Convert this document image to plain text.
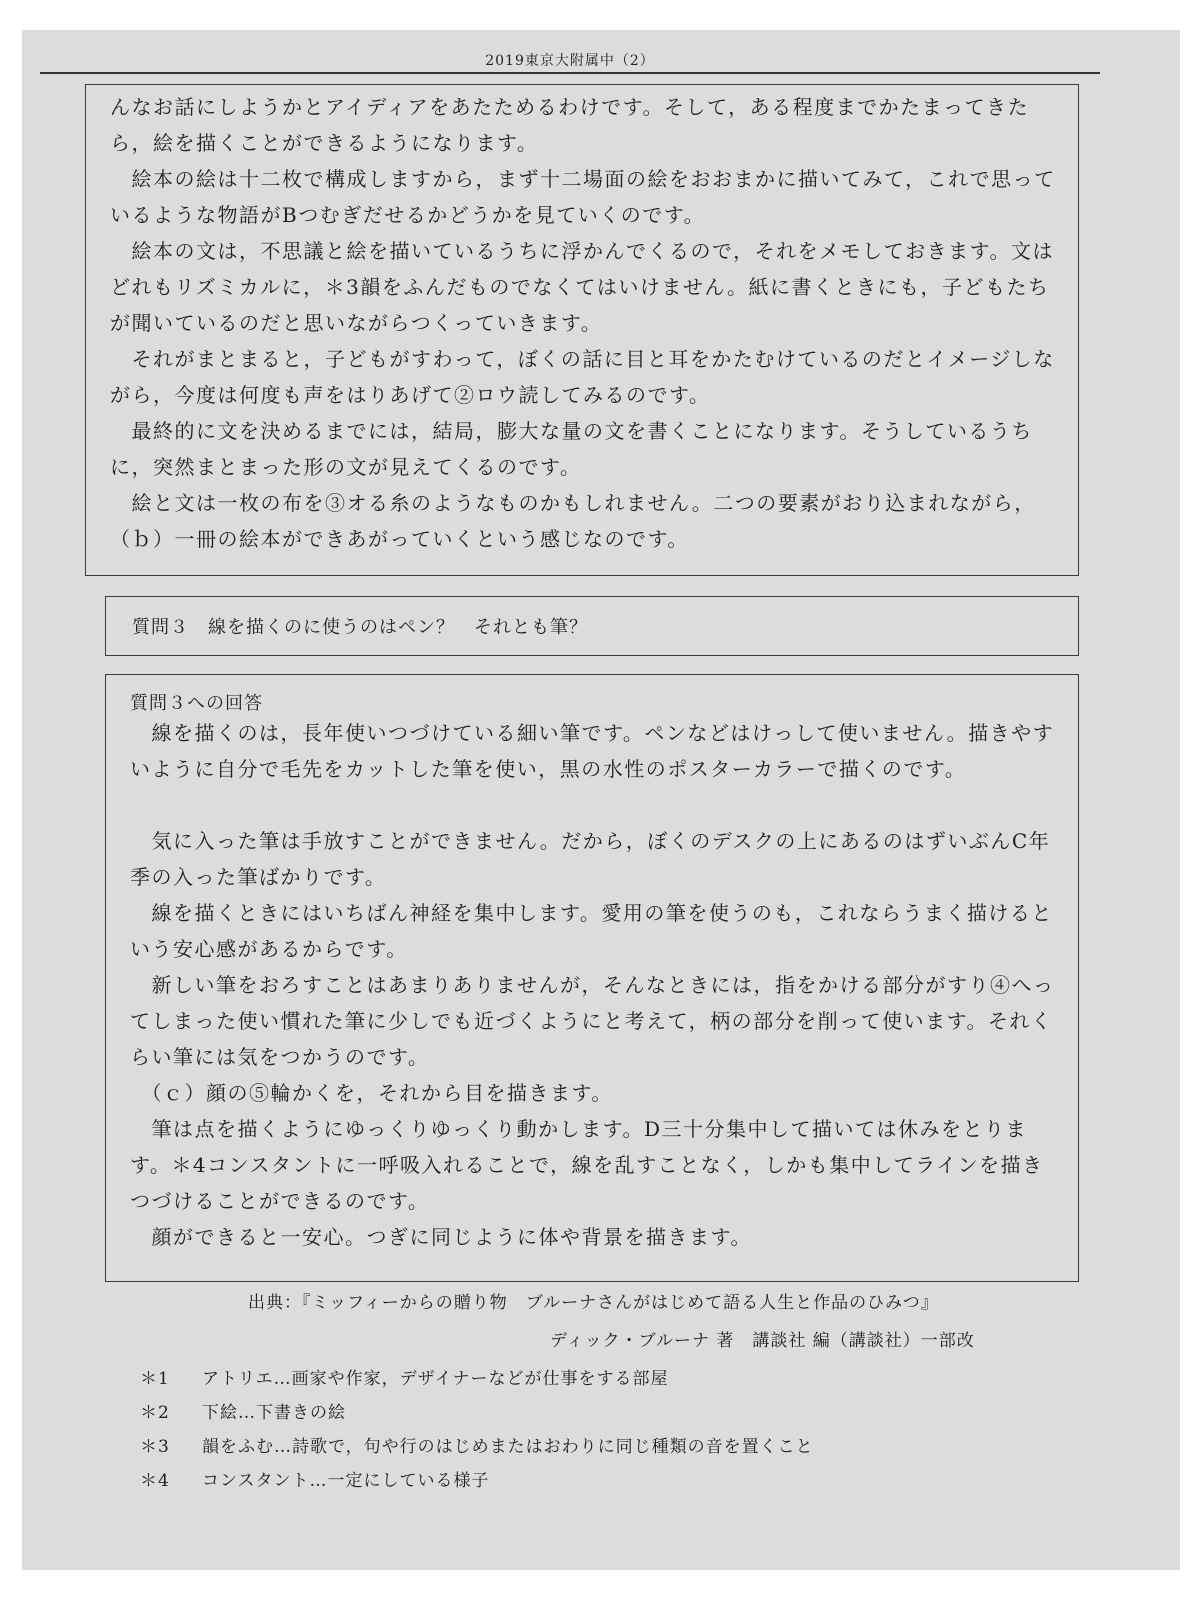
2019東京大附属中（2）
んなお話にしようかとアイディアをあたためるわけです。そして，ある程度までかたまってきたら，絵を描くことができるようになります。
　絵本の絵は十二枚で構成しますから，まず十二場面の絵をおおまかに描いてみて，これで思っているような物語がBつむぎだせるかどうかを見ていくのです。
　絵本の文は，不思議と絵を描いているうちに浮かんでくるので，それをメモしておきます。文はどれもリズミカルに，＊3韻をふんだものでなくてはいけません。紙に書くときにも，子どもたちが聞いているのだと思いながらつくっていきます。
　それがまとまると，子どもがすわって，ぼくの話に目と耳をかたむけているのだとイメージしながら，今度は何度も声をはりあげて②ロウ読してみるのです。
　最終的に文を決めるまでには，結局，膨大な量の文を書くことになります。そうしているうちに，突然まとまった形の文が見えてくるのです。
　絵と文は一枚の布を③オる糸のようなものかもしれません。二つの要素がおり込まれながら，（ｂ）一冊の絵本ができあがっていくという感じなのです。
質問３　線を描くのに使うのはペン？　それとも筆？
質問３への回答
　線を描くのは，長年使いつづけている細い筆です。ペンなどはけっして使いません。描きやすいように自分で毛先をカットした筆を使い，黒の水性のポスターカラーで描くのです。
　気に入った筆は手放すことができません。だから，ぼくのデスクの上にあるのはずいぶんC年季の入った筆ばかりです。
　線を描くときにはいちばん神経を集中します。愛用の筆を使うのも，これならうまく描けるという安心感があるからです。
　新しい筆をおろすことはあまりありませんが，そんなときには，指をかける部分がすり④へってしまった使い慣れた筆に少しでも近づくようにと考えて，柄の部分を削って使います。それくらい筆には気をつかうのです。
　（ｃ）顔の⑤輪かくを，それから目を描きます。
　筆は点を描くようにゆっくりゆっくり動かします。D三十分集中して描いては休みをとります。＊4コンスタントに一呼吸入れることで，線を乱すことなく，しかも集中してラインを描きつづけることができるのです。
　顔ができると一安心。つぎに同じように体や背景を描きます。
出典：『ミッフィーからの贈り物　ブルーナさんがはじめて語る人生と作品のひみつ』
ディック・ブルーナ 著　講談社 編（講談社）一部改
＊1	アトリエ…画家や作家，デザイナーなどが仕事をする部屋
＊2	下絵…下書きの絵
＊3	韻をふむ…詩歌で，句や行のはじめまたはおわりに同じ種類の音を置くこと
＊4	コンスタント…一定にしている様子
